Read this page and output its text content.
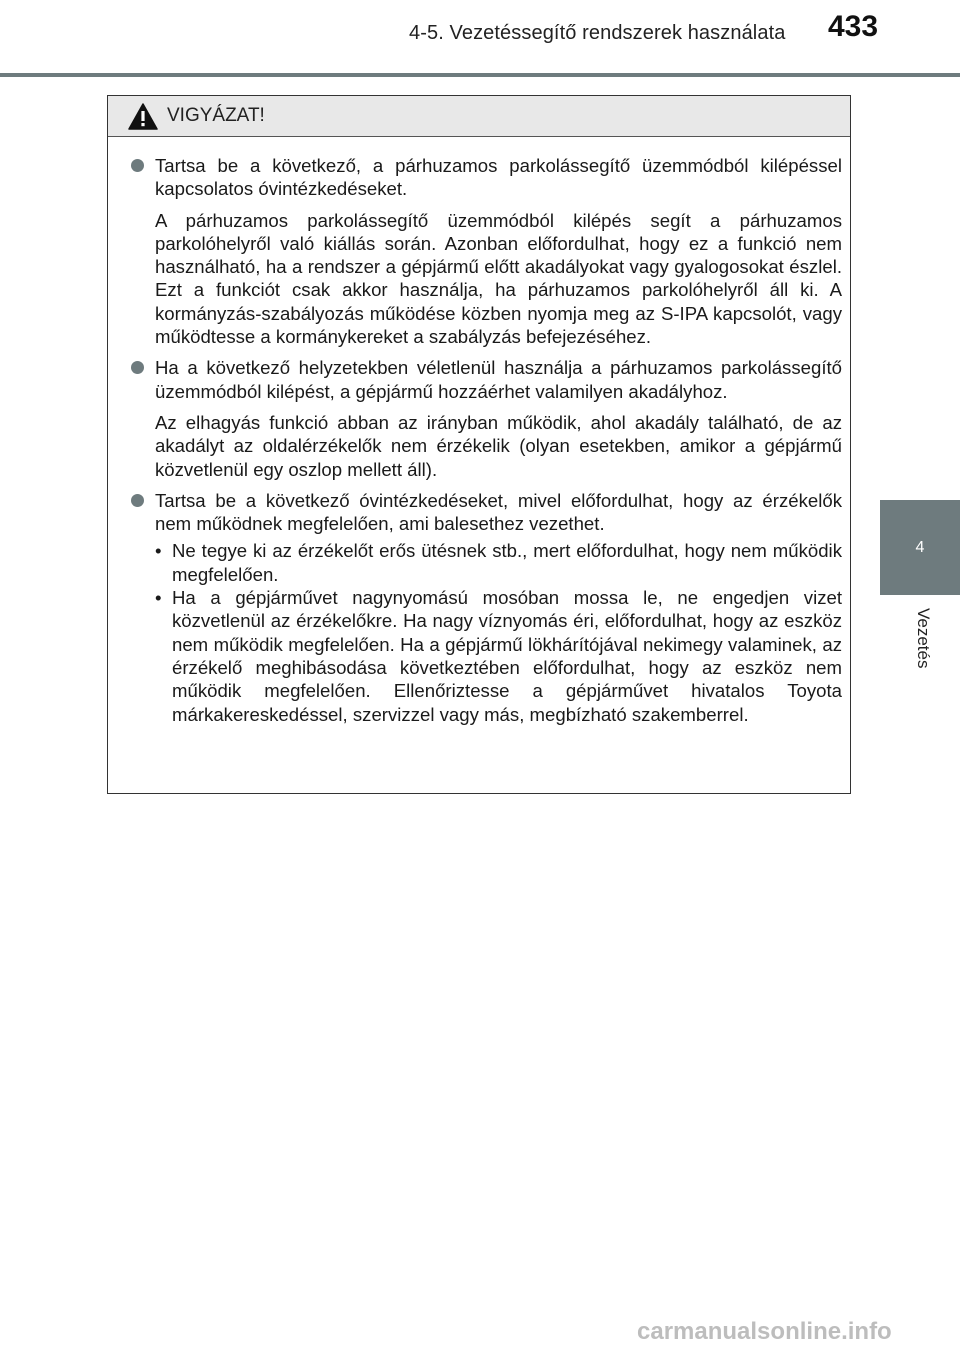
4-5. Vezetéssegítő rendszerek használata 433
4
Vezetés
VIGYÁZAT!
Tartsa be a következő, a párhuzamos parkolássegítő üzemmódból kilépéssel kapcsolatos óvintézkedéseket.
A párhuzamos parkolássegítő üzemmódból kilépés segít a párhuzamos parkolóhelyről való kiállás során. Azonban előfordulhat, hogy ez a funkció nem használható, ha a rendszer a gépjármű előtt akadályokat vagy gyalogosokat észlel. Ezt a funkciót csak akkor használja, ha párhuzamos parkolóhelyről áll ki. A kormányzás-szabályozás működése közben nyomja meg az S-IPA kapcsolót, vagy működtesse a kormánykereket a szabályzás befejezéséhez.
Ha a következő helyzetekben véletlenül használja a párhuzamos parkolássegítő üzemmódból kilépést, a gépjármű hozzáérhet valamilyen akadályhoz.
Az elhagyás funkció abban az irányban működik, ahol akadály található, de az akadályt az oldalérzékelők nem érzékelik (olyan esetekben, amikor a gépjármű közvetlenül egy oszlop mellett áll).
Tartsa be a következő óvintézkedéseket, mivel előfordulhat, hogy az érzékelők nem működnek megfelelően, ami balesethez vezethet.
• Ne tegye ki az érzékelőt erős ütésnek stb., mert előfordulhat, hogy nem működik megfelelően.
• Ha a gépjárművet nagynyomású mosóban mossa le, ne engedjen vizet közvetlenül az érzékelőkre. Ha nagy víznyomás éri, előfordulhat, hogy az eszköz nem működik megfelelően. Ha a gépjármű lökhárítójával nekimegy valaminek, az érzékelő meghibásodása következtében előfordulhat, hogy az eszköz nem működik megfelelően. Ellenőriztesse a gépjárművet hivatalos Toyota márkakereskedéssel, szervizzel vagy más, megbízható szakemberrel.
carmanualsonline.info
